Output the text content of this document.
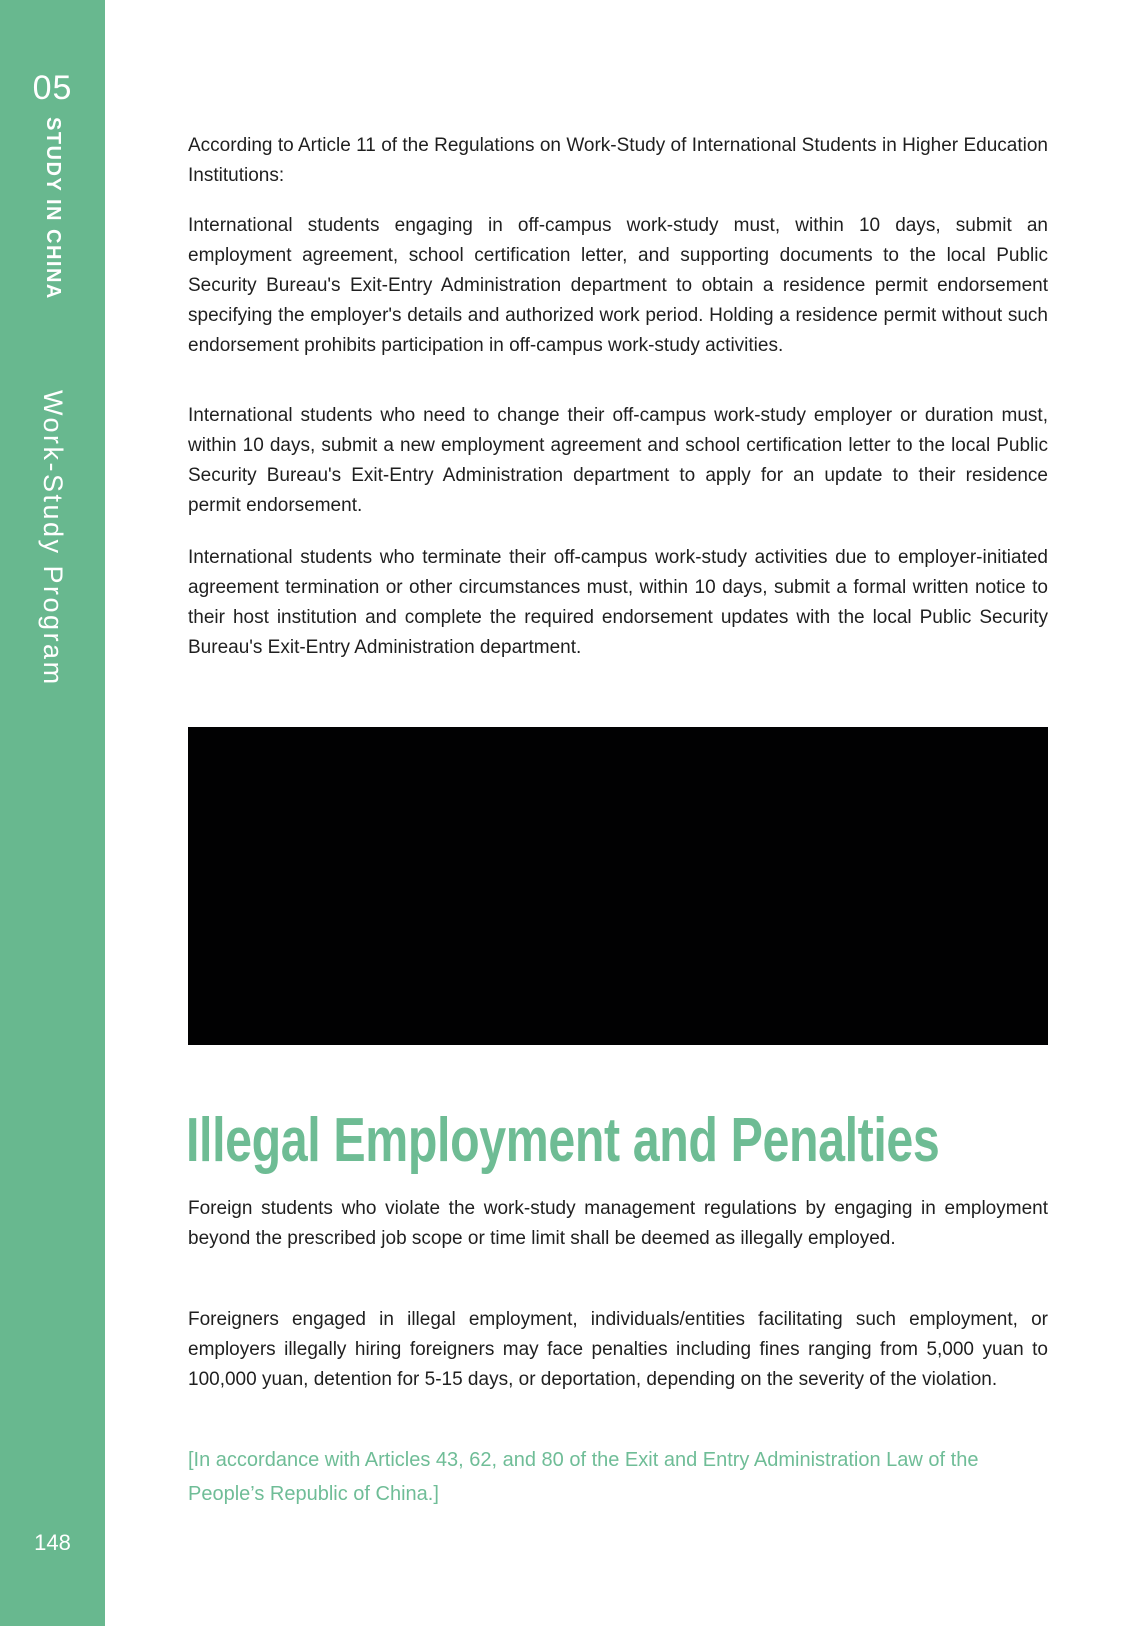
05
STUDY IN CHINA
Work-Study Program
148

According to Article 11 of the Regulations on Work-Study of International Students in Higher Education Institutions:

International students engaging in off-campus work-study must, within 10 days, submit an employment agreement, school certification letter, and supporting documents to the local Public Security Bureau's Exit-Entry Administration department to obtain a residence permit endorsement specifying the employer's details and authorized work period. Holding a residence permit without such endorsement prohibits participation in off-campus work-study activities.

International students who need to change their off-campus work-study employer or duration must, within 10 days, submit a new employment agreement and school certification letter to the local Public Security Bureau's Exit-Entry Administration department to apply for an update to their residence permit endorsement.

International students who terminate their off-campus work-study activities due to employer-initiated agreement termination or other circumstances must, within 10 days, submit a formal written notice to their host institution and complete the required endorsement updates with the local Public Security Bureau's Exit-Entry Administration department.

Illegal Employment and Penalties

Foreign students who violate the work-study management regulations by engaging in employment beyond the prescribed job scope or time limit shall be deemed as illegally employed.

Foreigners engaged in illegal employment, individuals/entities facilitating such employment, or employers illegally hiring foreigners may face penalties including fines ranging from 5,000 yuan to 100,000 yuan, detention for 5-15 days, or deportation, depending on the severity of the violation.

[In accordance with Articles 43, 62, and 80 of the Exit and Entry Administration Law of the People’s Republic of China.]
